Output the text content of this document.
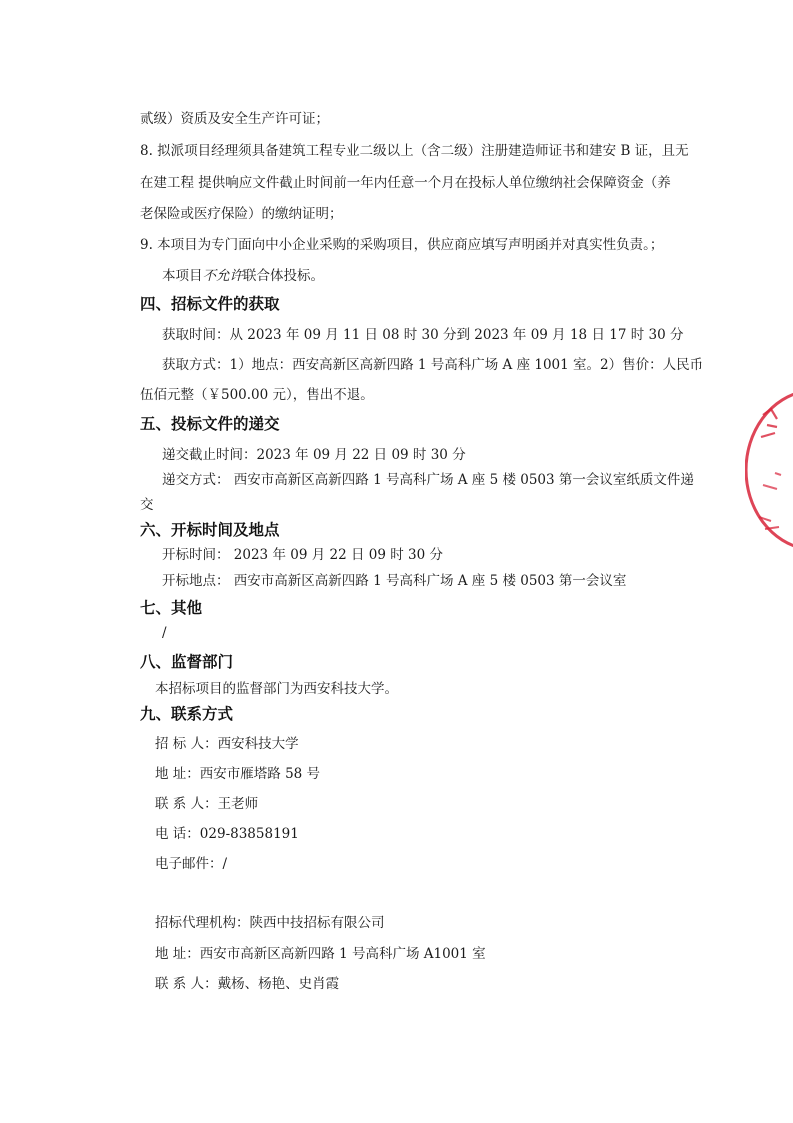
贰级）资质及安全生产许可证；
8. 拟派项目经理须具备建筑工程专业二级以上（含二级）注册建造师证书和建安 B 证，且无
在建工程 提供响应文件截止时间前一年内任意一个月在投标人单位缴纳社会保障资金（养
老保险或医疗保险）的缴纳证明；
9. 本项目为专门面向中小企业采购的采购项目，供应商应填写声明函并对真实性负责。；
本项目不允许联合体投标。
四、招标文件的获取
获取时间：从 2023 年 09 月 11 日 08 时 30 分到 2023 年 09 月 18 日 17 时 30 分
获取方式：1）地点：西安高新区高新四路 1 号高科广场 A 座 1001 室。2）售价：人民币
伍佰元整（￥500.00 元），售出不退。
五、投标文件的递交
递交截止时间：2023 年 09 月 22 日 09 时 30 分
递交方式： 西安市高新区高新四路 1 号高科广场 A 座 5 楼 0503 第一会议室纸质文件递
交
六、开标时间及地点
开标时间： 2023 年 09 月 22 日 09 时 30 分
开标地点： 西安市高新区高新四路 1 号高科广场 A 座 5 楼 0503 第一会议室
七、其他
/
八、监督部门
本招标项目的监督部门为西安科技大学。
九、联系方式
招 标 人：西安科技大学
地 址：西安市雁塔路 58 号
联 系 人：王老师
电 话：029-83858191
电子邮件：/
招标代理机构：陕西中技招标有限公司
地 址：西安市高新区高新四路 1 号高科广场 A1001 室
联 系 人：戴杨、杨艳、史肖霞
